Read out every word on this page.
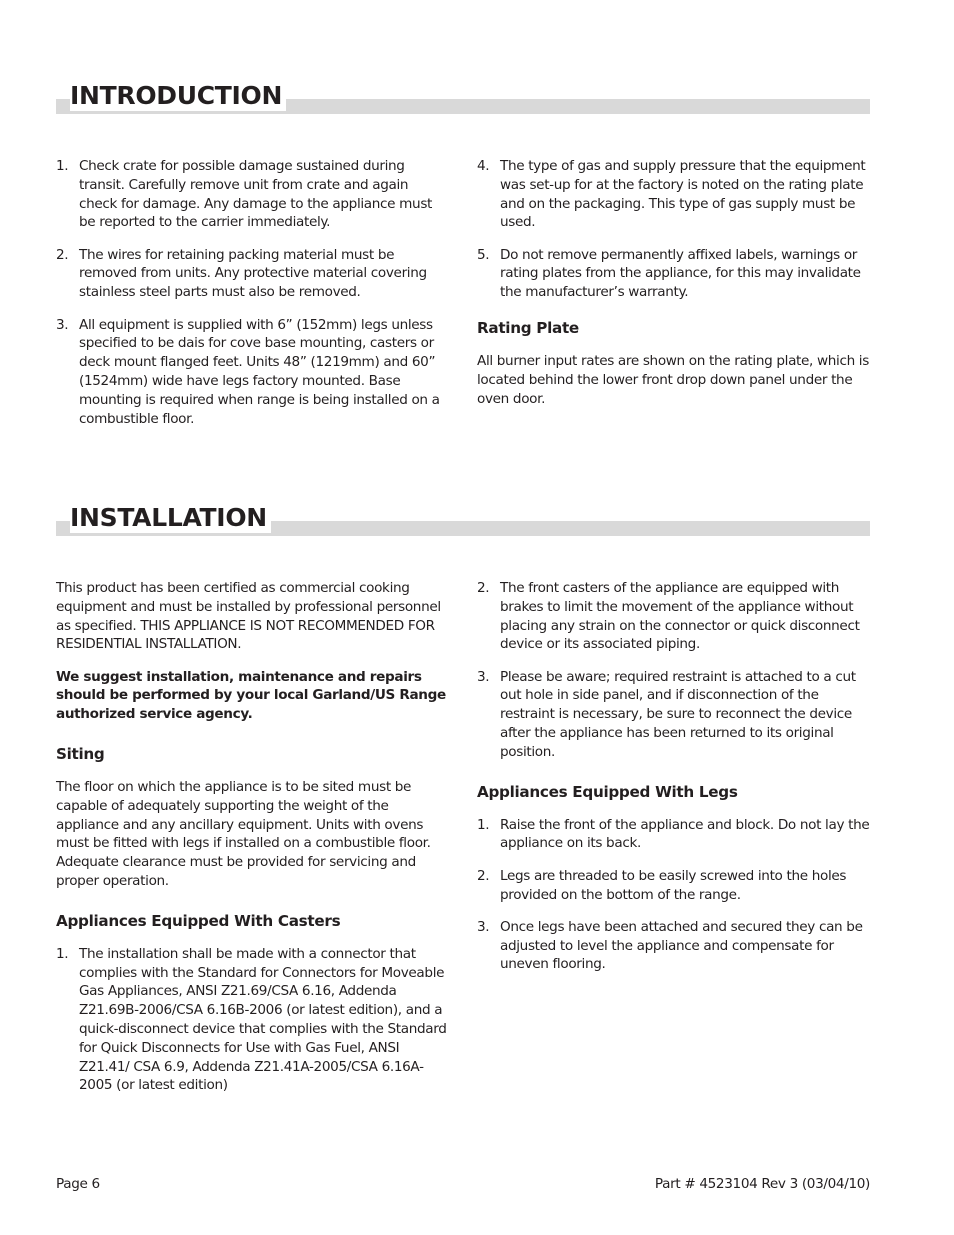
INTRODUCTION
1. Check crate for possible damage sustained during transit. Carefully remove unit from crate and again check for damage. Any damage to the appliance must be reported to the carrier immediately.
2. The wires for retaining packing material must be removed from units. Any protective material covering stainless steel parts must also be removed.
3. All equipment is supplied with 6” (152mm) legs unless specified to be dais for cove base mounting, casters or deck mount flanged feet. Units 48” (1219mm) and 60” (1524mm) wide have legs factory mounted. Base mounting is required when range is being installed on a combustible floor.
4. The type of gas and supply pressure that the equipment was set-up for at the factory is noted on the rating plate and on the packaging. This type of gas supply must be used.
5. Do not remove permanently affixed labels, warnings or rating plates from the appliance, for this may invalidate the manufacturer’s warranty.
Rating Plate

All burner input rates are shown on the rating plate, which is located behind the lower front drop down panel under the oven door.

INSTALLATION

This product has been certified as commercial cooking equipment and must be installed by professional personnel as specified. THIS APPLIANCE IS NOT RECOMMENDED FOR RESIDENTIAL INSTALLATION.

We suggest installation, maintenance and repairs should be performed by your local Garland/US Range authorized service agency.

Siting

The floor on which the appliance is to be sited must be capable of adequately supporting the weight of the appliance and any ancillary equipment. Units with ovens must be fitted with legs if installed on a combustible floor. Adequate clearance must be provided for servicing and proper operation.

Appliances Equipped With Casters
1. The installation shall be made with a connector that complies with the Standard for Connectors for Moveable Gas Appliances, ANSI Z21.69/CSA 6.16, Addenda Z21.69B-2006/CSA 6.16B-2006 (or latest edition), and a quick-disconnect device that complies with the Standard for Quick Disconnects for Use with Gas Fuel, ANSI Z21.41/ CSA 6.9, Addenda Z21.41A-2005/CSA 6.16A-2005 (or latest edition)
2. The front casters of the appliance are equipped with brakes to limit the movement of the appliance without placing any strain on the connector or quick disconnect device or its associated piping.
3. Please be aware; required restraint is attached to a cut out hole in side panel, and if disconnection of the restraint is necessary, be sure to reconnect the device after the appliance has been returned to its original position.
Appliances Equipped With Legs
1. Raise the front of the appliance and block. Do not lay the appliance on its back.
2. Legs are threaded to be easily screwed into the holes provided on the bottom of the range.
3. Once legs have been attached and secured they can be adjusted to level the appliance and compensate for uneven flooring.
Page 6	Part # 4523104 Rev 3 (03/04/10)
